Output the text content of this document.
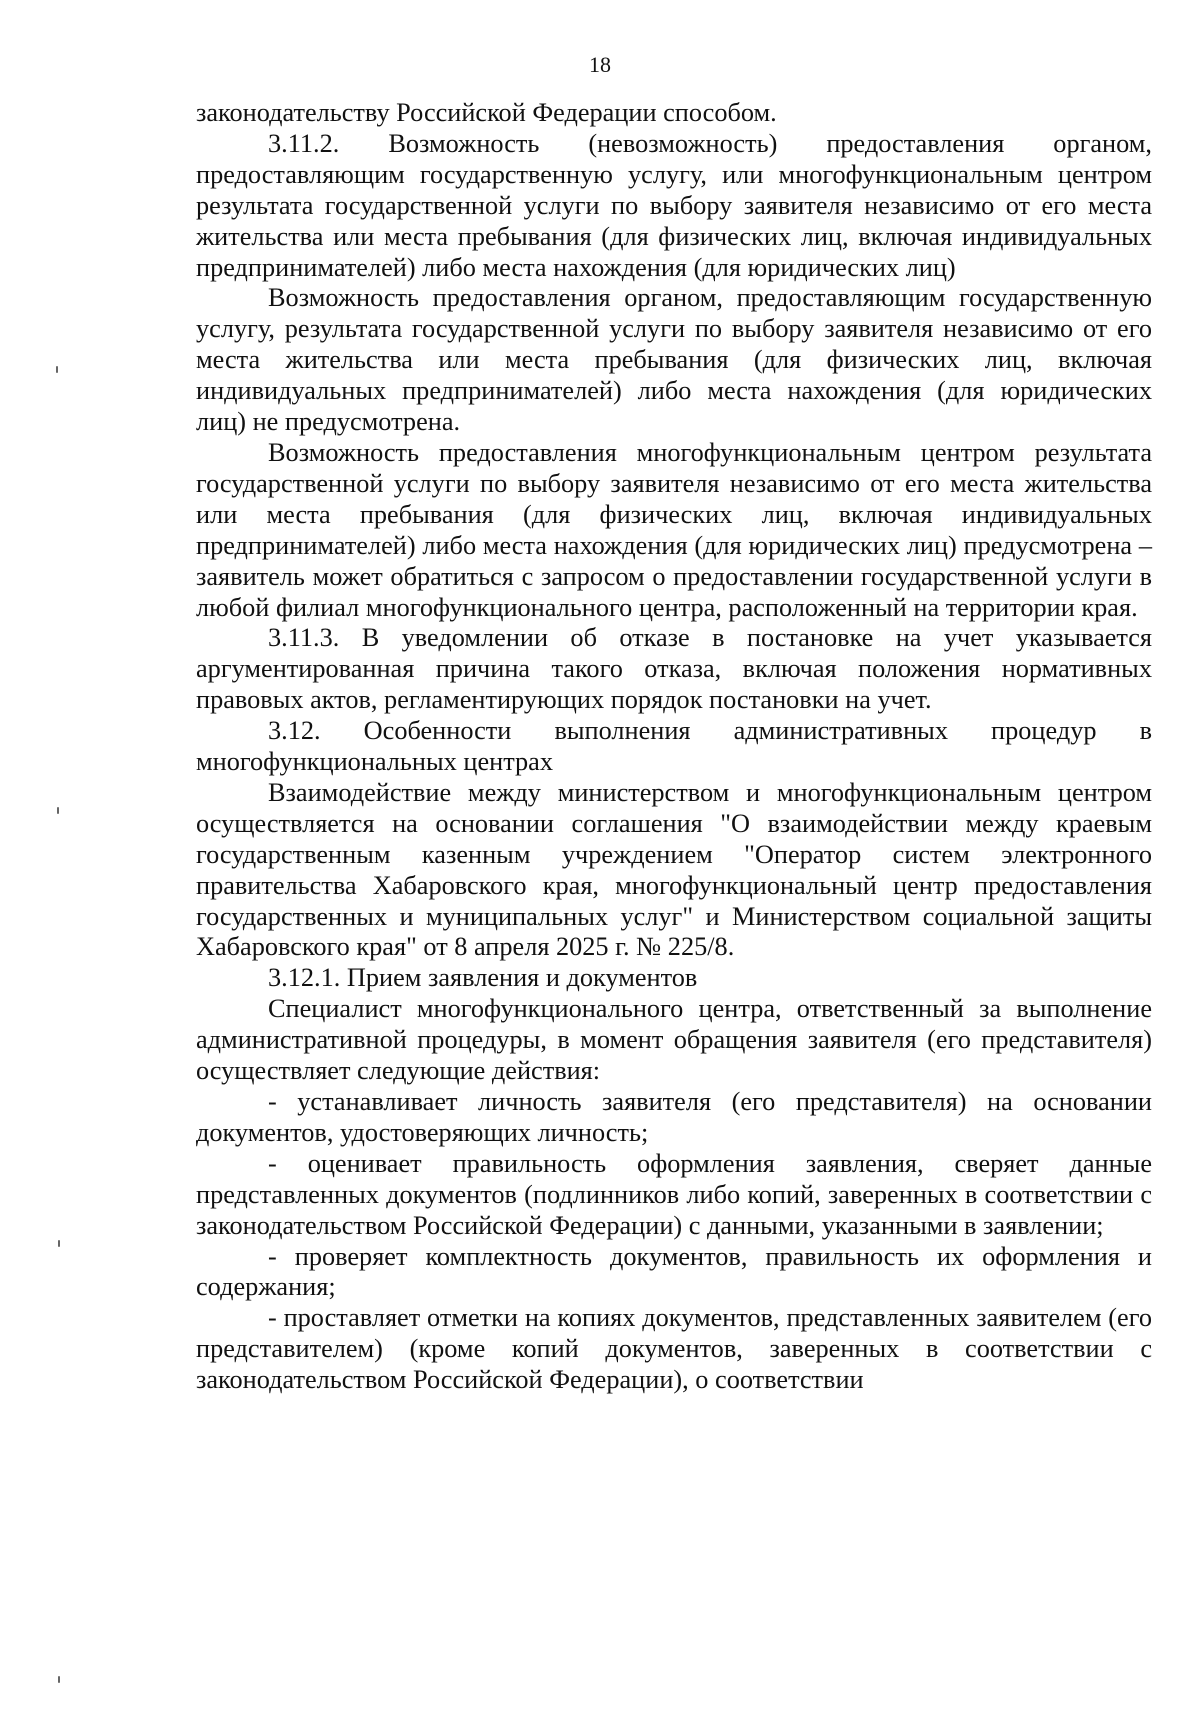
18

законодательству Российской Федерации способом.

3.11.2. Возможность (невозможность) предоставления органом, предоставляющим государственную услугу, или многофункциональным центром результата государственной услуги по выбору заявителя независимо от его места жительства или места пребывания (для физических лиц, включая индивидуальных предпринимателей) либо места нахождения (для юридических лиц)

Возможность предоставления органом, предоставляющим государственную услугу, результата государственной услуги по выбору заявителя независимо от его места жительства или места пребывания (для физических лиц, включая индивидуальных предпринимателей) либо места нахождения (для юридических лиц) не предусмотрена.

Возможность предоставления многофункциональным центром результата государственной услуги по выбору заявителя независимо от его места жительства или места пребывания (для физических лиц, включая индивидуальных предпринимателей) либо места нахождения (для юридических лиц) предусмотрена – заявитель может обратиться с запросом о предоставлении государственной услуги в любой филиал многофункционального центра, расположенный на территории края.

3.11.3. В уведомлении об отказе в постановке на учет указывается аргументированная причина такого отказа, включая положения нормативных правовых актов, регламентирующих порядок постановки на учет.

3.12. Особенности выполнения административных процедур в многофункциональных центрах

Взаимодействие между министерством и многофункциональным центром осуществляется на основании соглашения "О взаимодействии между краевым государственным казенным учреждением "Оператор систем электронного правительства Хабаровского края, многофункциональный центр предоставления государственных и муниципальных услуг" и Министерством социальной защиты Хабаровского края" от 8 апреля 2025 г. № 225/8.

3.12.1. Прием заявления и документов

Специалист многофункционального центра, ответственный за выполнение административной процедуры, в момент обращения заявителя (его представителя) осуществляет следующие действия:

- устанавливает личность заявителя (его представителя) на основании документов, удостоверяющих личность;

- оценивает правильность оформления заявления, сверяет данные представленных документов (подлинников либо копий, заверенных в соответствии с законодательством Российской Федерации) с данными, указанными в заявлении;

- проверяет комплектность документов, правильность их оформления и содержания;

- проставляет отметки на копиях документов, представленных заявителем (его представителем) (кроме копий документов, заверенных в соответствии с законодательством Российской Федерации), о соответствии
